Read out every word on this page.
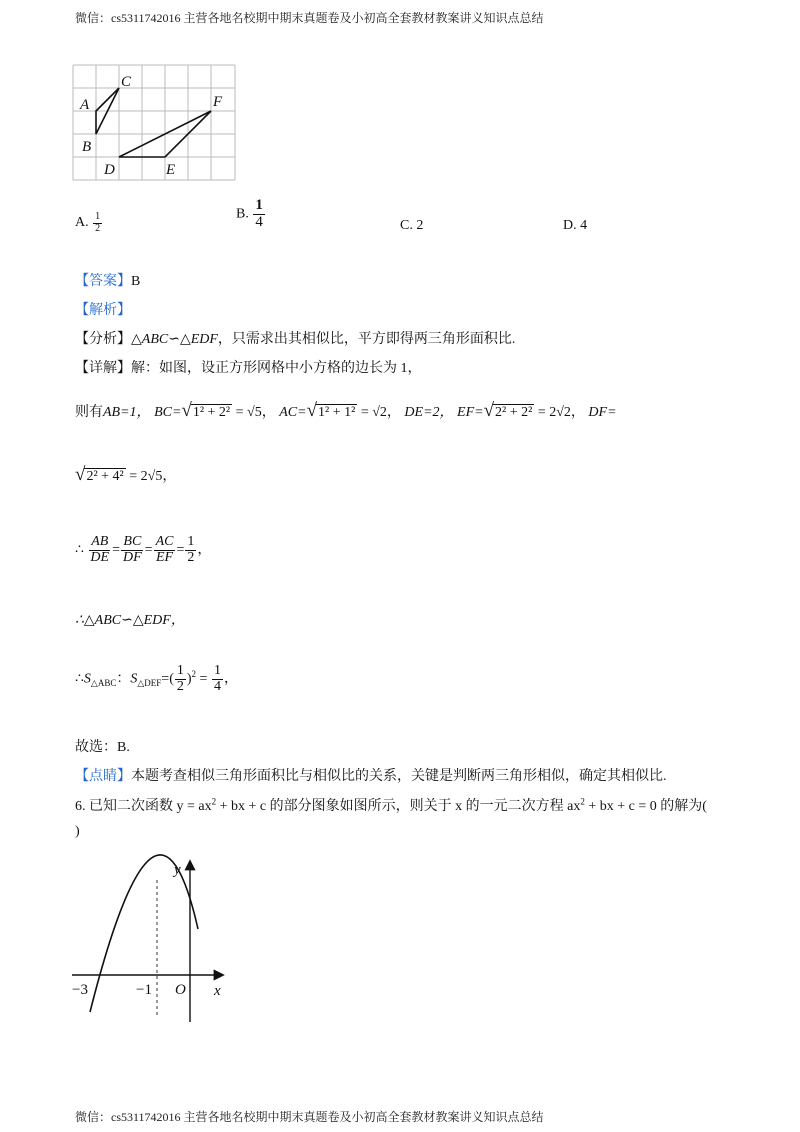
微信：cs5311742016 主营各地名校期中期末真题卷及小初高全套教材教案讲义知识点总结
A
C
B
D	E
F
A. $\frac{1}{2}$	B. $\frac{1}{4}$	C. 2	D. 4
【答案】B
【解析】
【分析】△ABC∽△EDF，只需求出其相似比，平方即得两三角形面积比.
【详解】解：如图，设正方形网格中小方格的边长为 1，
则有AB=1， BC=√1² + 2² = √5， AC=√1² + 1² = √2， DE=2， EF=√2² + 2² = 2√2， DF=
√2² + 4² = 2√5，
∴ $\frac{AB}{DE} = \frac{BC}{DF} = \frac{AC}{EF} = \frac{1}{2}$ ，
∴△ABC∽△EDF，
$\therefore S_{\triangle ABC}$：$S_{\triangle DEF}=( \frac{1}{2} )^2 = \frac{1}{4}$ ，
故选：B.
【点睛】本题考查相似三角形面积比与相似比的关系，关键是判断两三角形相似，确定其相似比.
6. 已知二次函数 $y = ax^2$ + bx + c 的部分图象如图所示，则关于 x 的一元二次方程 $ax^2$ + bx + c = 0 的解为(
)
y
x
O
−3	−1
微信：cs5311742016 主营各地名校期中期末真题卷及小初高全套教材教案讲义知识点总结
